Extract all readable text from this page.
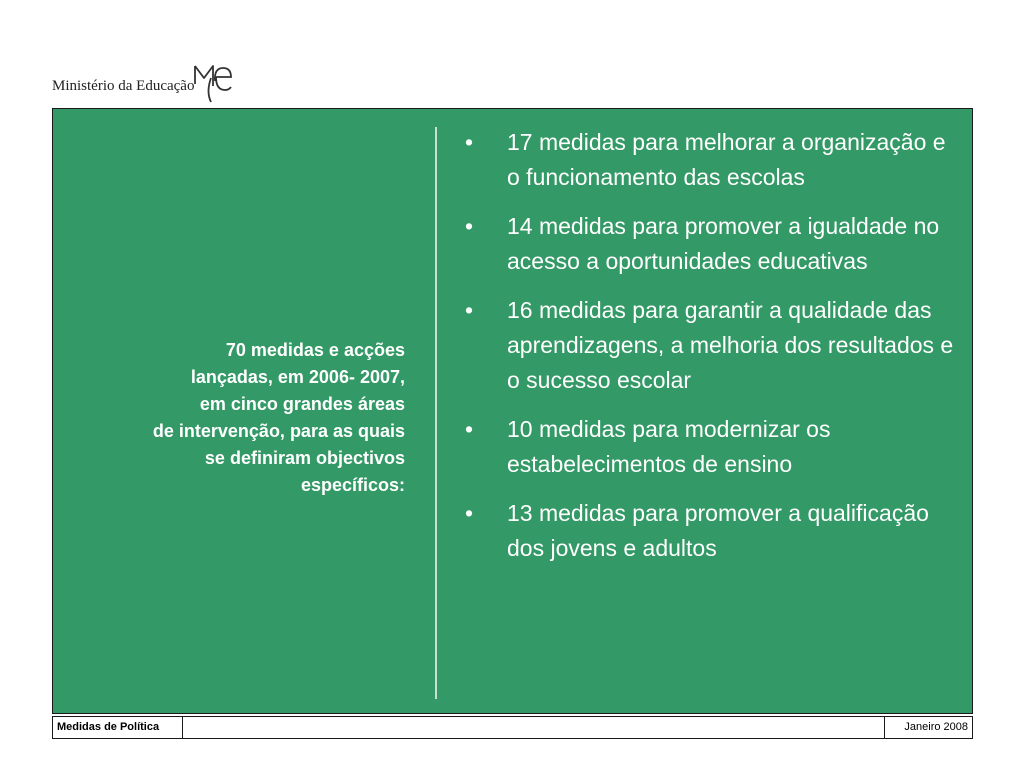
Ministério da Educação
70 medidas e acções
lançadas, em 2006- 2007,
em cinco grandes áreas
de intervenção, para as quais
se definiram objectivos
específicos:
• 17 medidas para melhorar a organização e o funcionamento das escolas
• 14 medidas para promover a igualdade no acesso a oportunidades educativas
• 16 medidas para garantir a qualidade das aprendizagens, a melhoria dos resultados e o sucesso escolar
• 10 medidas para modernizar os estabelecimentos de ensino
• 13 medidas para promover a qualificação dos jovens e adultos
Medidas de Política	Janeiro 2008
